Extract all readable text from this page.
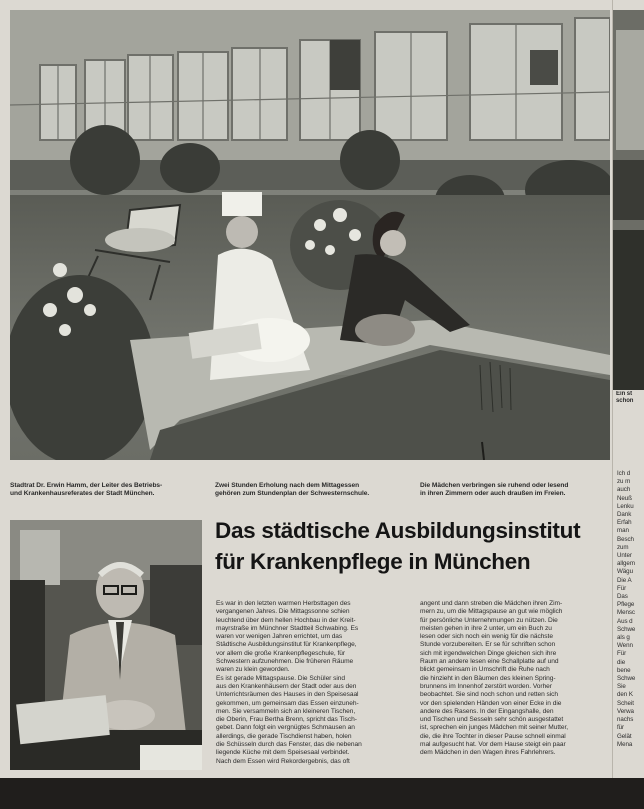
Stadtrat Dr. Erwin Hamm, der Leiter des Betriebs-
und Krankenhausreferates der Stadt München.
Zwei Stunden Erholung nach dem Mittagessen
gehören zum Stundenplan der Schwesternschule.
Die Mädchen verbringen sie ruhend oder lesend
in ihren Zimmern oder auch draußen im Freien.
Ein st
schon
Ich d
zu m
auch
Neuß
Lenku
Dank
Erfah
man
Besch
zum
Unter
allgem
Wägu
Die A
Für
Das
Pflege
Mensc
Aus d
Schwe
als g
Wenn
Für
die
bene
Schwe
Sie
den K
Scheit
Verwa
nachs
für
Gelät
Mena
Das städtische Ausbildungsinstitut
für Krankenpflege in München
Es war in den letzten warmen Herbsttagen des
vergangenen Jahres. Die Mittagssonne schien
leuchtend über dem hellen Hochbau in der Kreit-
mayrstraße im Münchner Stadtteil Schwabing. Es
waren vor wenigen Jahren errichtet, um das
Städtische Ausbildungsinstitut für Krankenpflege,
vor allem die große Krankenpflegeschule, für
Schwestern aufzunehmen. Die früheren Räume
waren zu klein geworden.
Es ist gerade Mittagspause. Die Schüler sind
aus den Krankenhäusern der Stadt oder aus den
Unterrichtsräumen des Hauses in den Speisesaal
gekommen, um gemeinsam das Essen einzuneh-
men. Sie versammeln sich an kleineren Tischen,
die Oberin, Frau Bertha Brenn, spricht das Tisch-
gebet. Dann folgt ein vergnügtes Schmausen an
allerdings, die gerade Tischdienst haben, holen
die Schüsseln durch das Fenster, das die nebenan
liegende Küche mit dem Speisesaal verbindet.
Nach dem Essen wird Rekordergebnis, das oft
angent und dann streben die Mädchen ihren Zim-
mern zu, um die Mittagspause an gut wie möglich
für persönliche Unternehmungen zu nützen. Die
meisten gehen in ihre 2 unter, um ein Buch zu
lesen oder sich noch ein wenig für die nächste
Stunde vorzubereiten. Er se für schriften schon
sich mit irgendwelchen Dinge gleichen sich ihre
Raum an andere lesen eine Schallplatte auf und
blickt gemeinsam in Umschrift die Ruhe nach
die hinzieht in den Bäumen des kleinen Spring-
brunnens im Innenhof zerstört worden. Vorher
beobachtet. Sie sind noch schon und retten sich
vor den spielenden Händen von einer Ecke in die
andere des Rasens. In der Eingangshalle, den
und Tischen und Sesseln sehr schön ausgestattet
ist, sprechen ein junges Mädchen mit seiner Mutter,
die, die ihre Tochter in dieser Pause schnell einmal
mal aufgesucht hat. Vor dem Hause steigt ein paar
dem Mädchen in den Wagen ihres Fahrlehrers.
